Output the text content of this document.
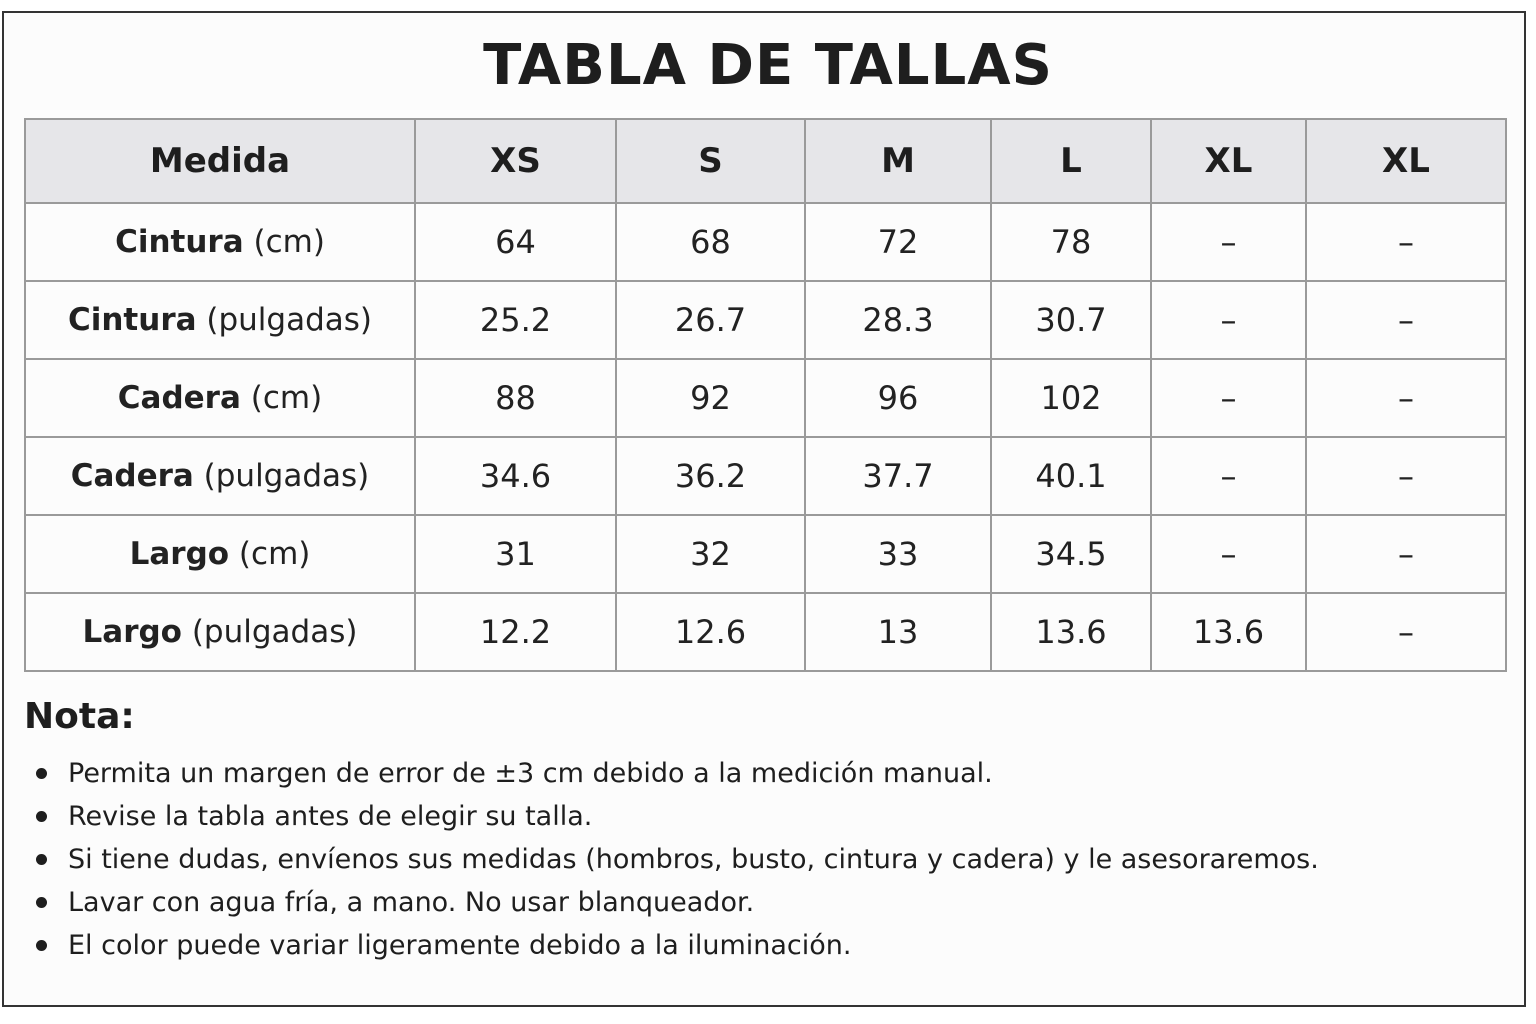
TABLA DE TALLAS
Medida	XS	S	M	L	XL	XL
Cintura (cm)	64	68	72	78	–	–
Cintura (pulgadas)	25.2	26.7	28.3	30.7	–	–
Cadera (cm)	88	92	96	102	–	–
Cadera (pulgadas)	34.6	36.2	37.7	40.1	–	–
Largo (cm)	31	32	33	34.5	–	–
Largo (pulgadas)	12.2	12.6	13	13.6	13.6	–
Nota:
Permita un margen de error de ±3 cm debido a la medición manual.
Revise la tabla antes de elegir su talla.
Si tiene dudas, envíenos sus medidas (hombros, busto, cintura y cadera) y le asesoraremos.
Lavar con agua fría, a mano. No usar blanqueador.
El color puede variar ligeramente debido a la iluminación.
